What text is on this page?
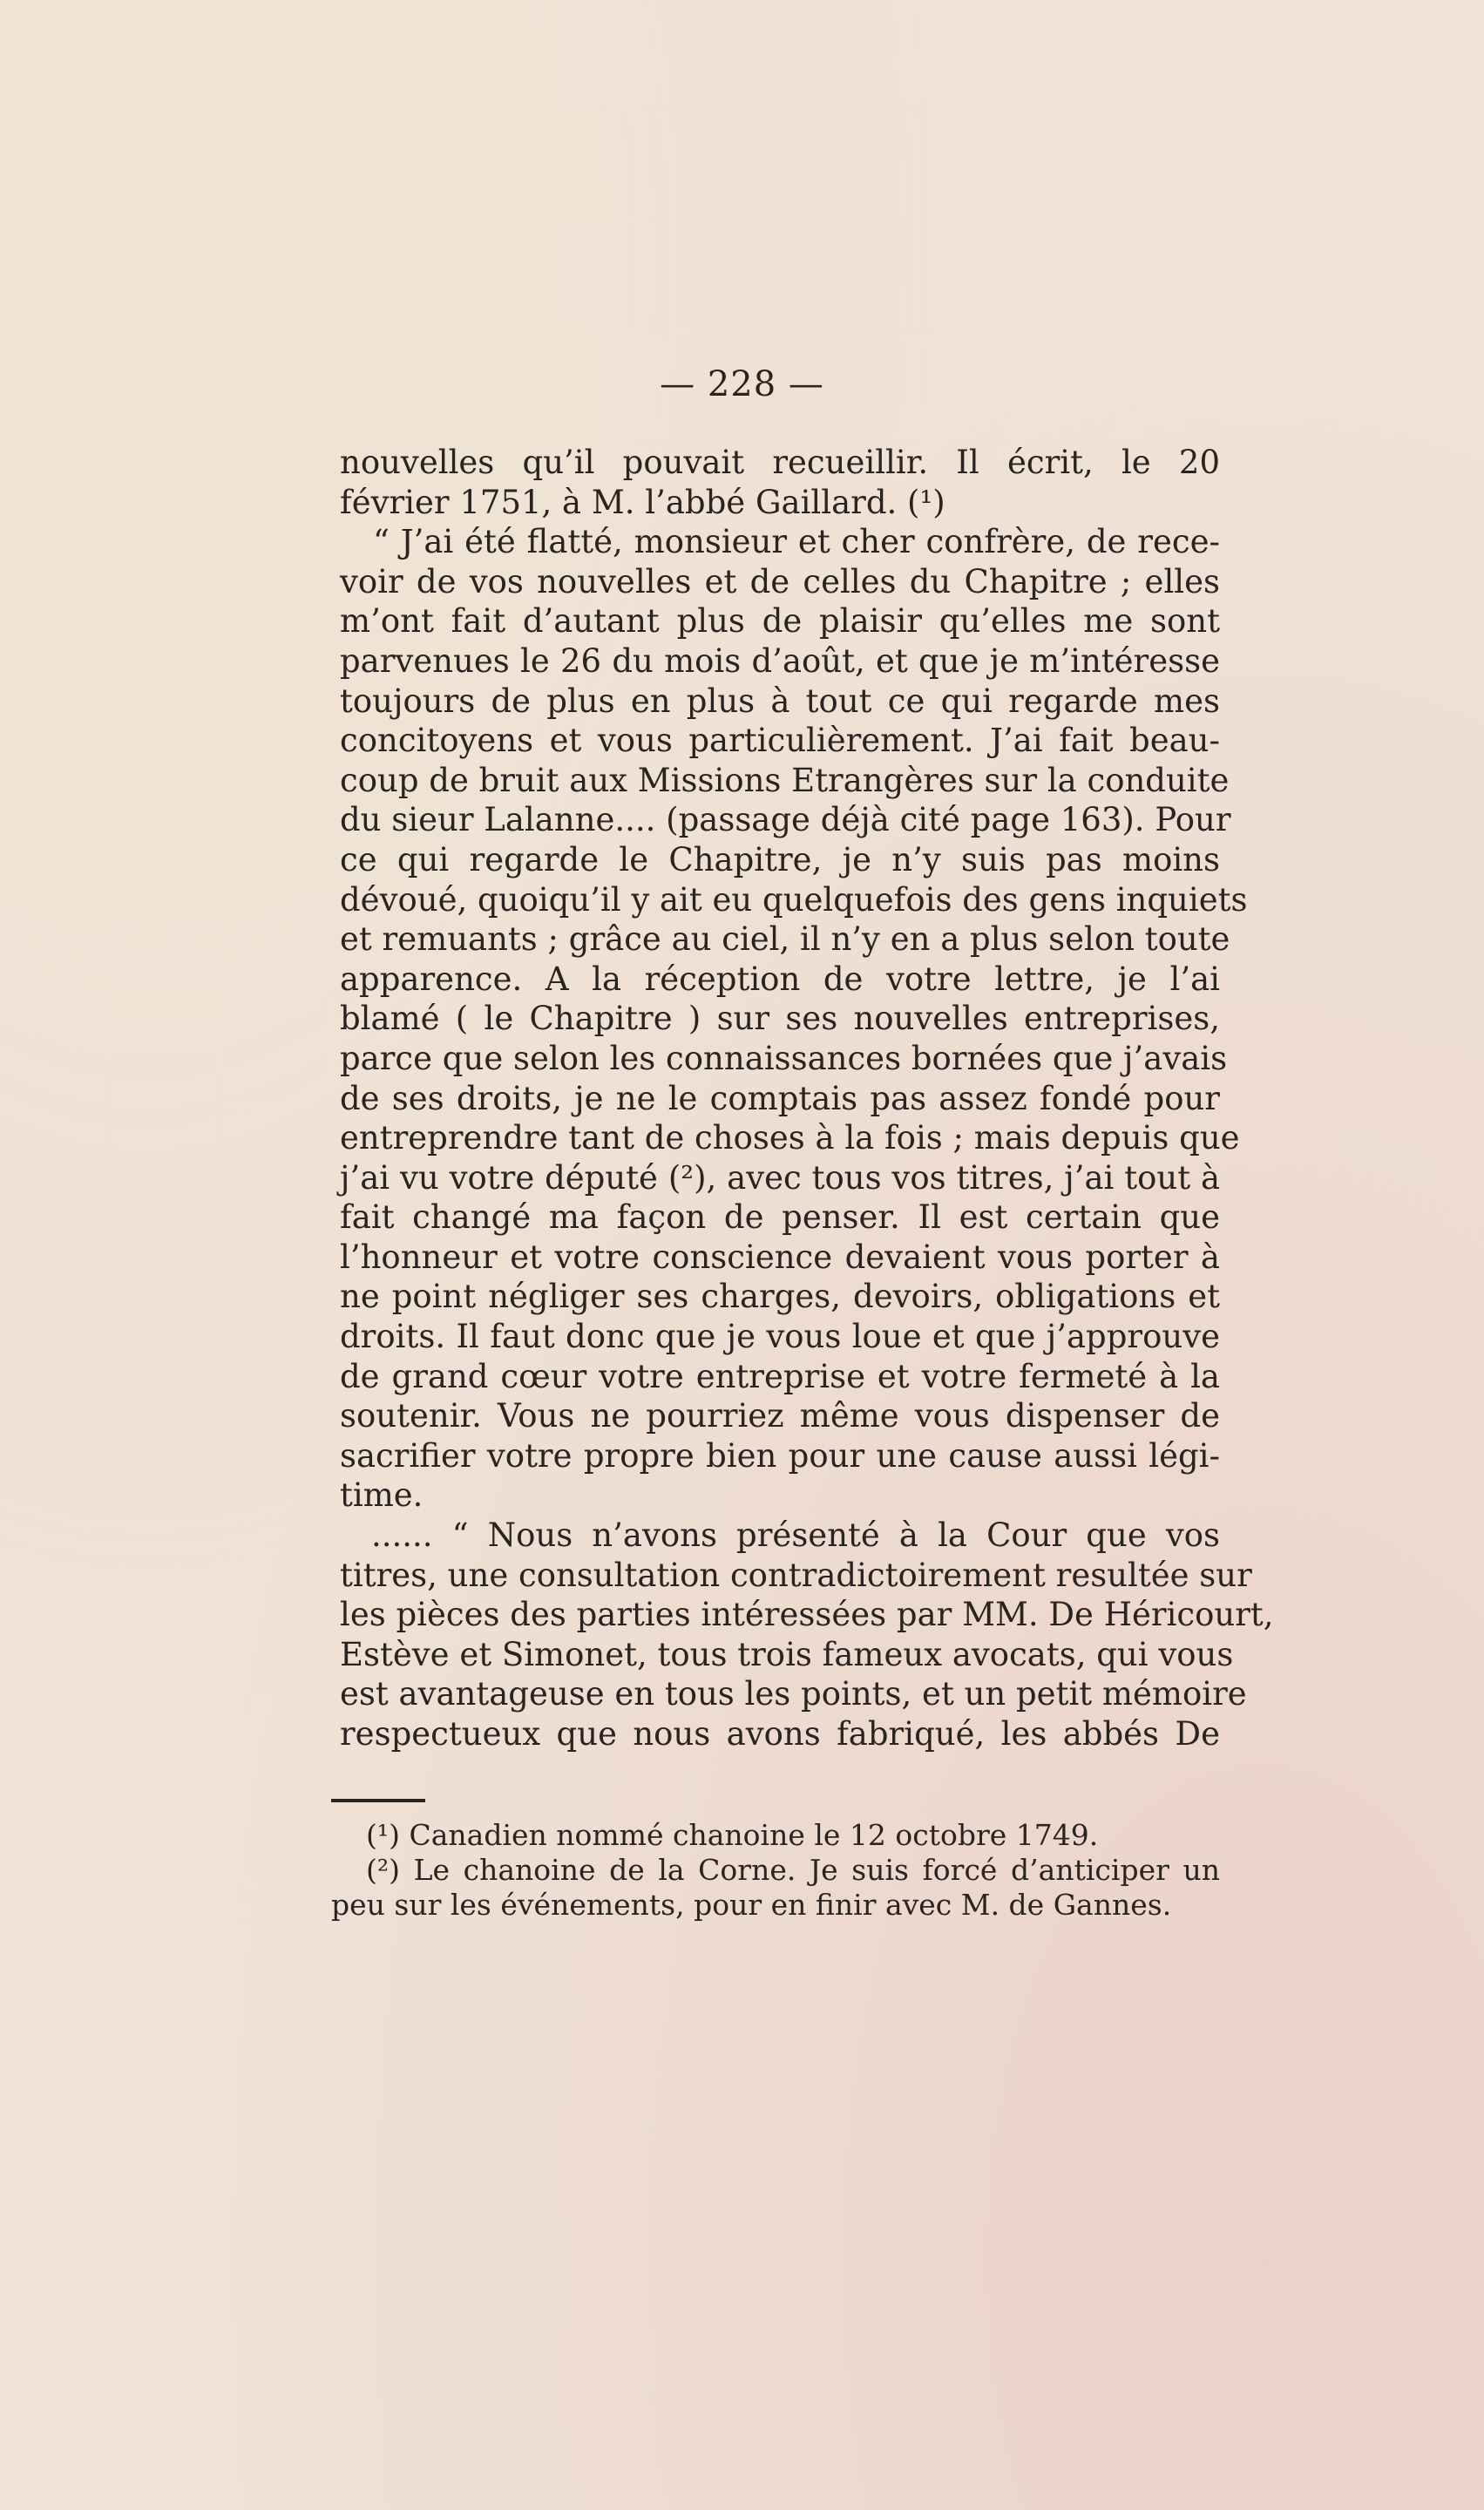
— 228 —
nouvelles qu’il pouvait recueillir. Il écrit, le 20
février 1751, à M. l’abbé Gaillard. (¹)
“ J’ai été flatté, monsieur et cher confrère, de rece-
voir de vos nouvelles et de celles du Chapitre ; elles
m’ont fait d’autant plus de plaisir qu’elles me sont
parvenues le 26 du mois d’août, et que je m’intéresse
toujours de plus en plus à tout ce qui regarde mes
concitoyens et vous particulièrement. J’ai fait beau-
coup de bruit aux Missions Etrangères sur la conduite
du sieur Lalanne.... (passage déjà cité page 163). Pour
ce qui regarde le Chapitre, je n’y suis pas moins
dévoué, quoiqu’il y ait eu quelquefois des gens inquiets
et remuants ; grâce au ciel, il n’y en a plus selon toute
apparence. A la réception de votre lettre, je l’ai
blamé ( le Chapitre ) sur ses nouvelles entreprises,
parce que selon les connaissances bornées que j’avais
de ses droits, je ne le comptais pas assez fondé pour
entreprendre tant de choses à la fois ; mais depuis que
j’ai vu votre député (²), avec tous vos titres, j’ai tout à
fait changé ma façon de penser. Il est certain que
l’honneur et votre conscience devaient vous porter à
ne point négliger ses charges, devoirs, obligations et
droits. Il faut donc que je vous loue et que j’approuve
de grand cœur votre entreprise et votre fermeté à la
soutenir. Vous ne pourriez même vous dispenser de
sacrifier votre propre bien pour une cause aussi légi-
time.
...... “ Nous n’avons présenté à la Cour que vos
titres, une consultation contradictoirement resultée sur
les pièces des parties intéressées par MM. De Héricourt,
Estève et Simonet, tous trois fameux avocats, qui vous
est avantageuse en tous les points, et un petit mémoire
respectueux que nous avons fabriqué, les abbés De
(¹) Canadien nommé chanoine le 12 octobre 1749.
(²) Le chanoine de la Corne. Je suis forcé d’anticiper un
peu sur les événements, pour en finir avec M. de Gannes.
